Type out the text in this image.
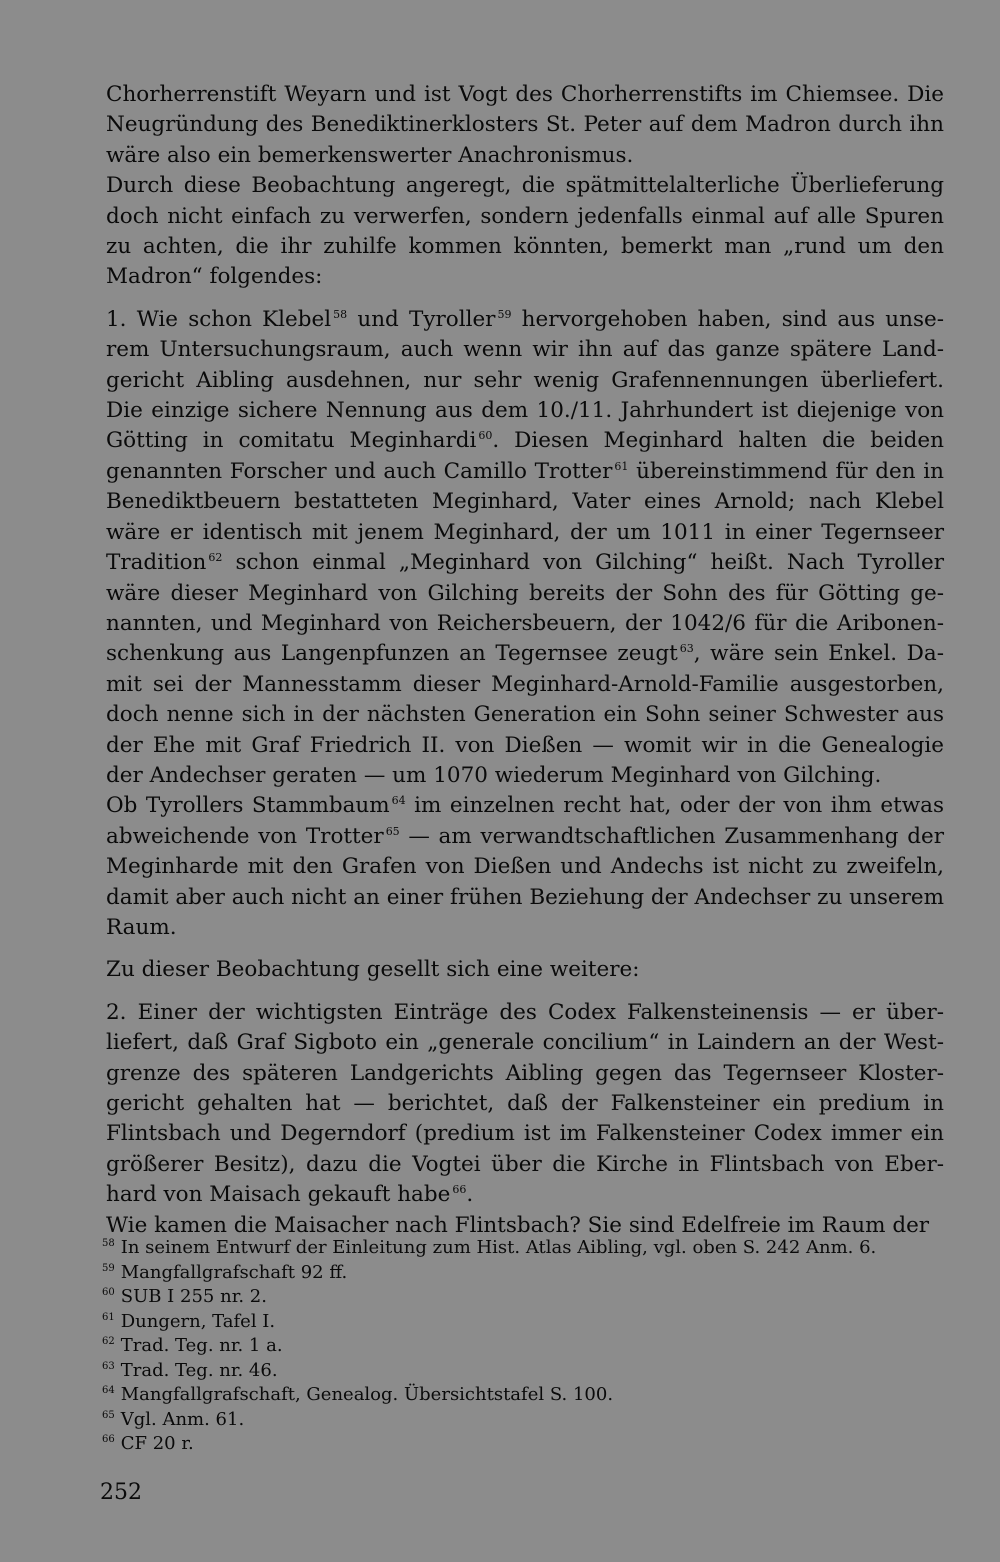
Chorherrenstift Weyarn und ist Vogt des Chorherrenstifts im Chiemsee. Die Neugründung des Benediktinerklosters St. Peter auf dem Madron durch ihn wäre also ein bemerkenswerter Anachronismus.

Durch diese Beobachtung angeregt, die spätmittelalterliche Überlieferung doch nicht einfach zu verwerfen, sondern jedenfalls einmal auf alle Spuren zu achten, die ihr zuhilfe kommen könnten, bemerkt man „rund um den Madron“ folgendes:

1. Wie schon Klebel $^{58}$ und Tyroller $^{59}$ hervorgehoben haben, sind aus unserem Untersuchungsraum, auch wenn wir ihn auf das ganze spätere Landgericht Aibling ausdehnen, nur sehr wenig Grafennennungen überliefert. Die einzige sichere Nennung aus dem 10./11. Jahrhundert ist diejenige von Götting in comitatu Meginhardi $^{60}$. Diesen Meginhard halten die beiden genannten Forscher und auch Camillo Trotter $^{61}$ übereinstimmend für den in Benediktbeuern bestatteten Meginhard, Vater eines Arnold; nach Klebel wäre er identisch mit jenem Meginhard, der um 1011 in einer Tegernseer Tradition $^{62}$ schon einmal „Meginhard von Gilching“ heißt. Nach Tyroller wäre dieser Meginhard von Gilching bereits der Sohn des für Götting genannten, und Meginhard von Reichersbeuern, der 1042/6 für die Aribonenschenkung aus Langenpfunzen an Tegernsee zeugt $^{63}$, wäre sein Enkel. Damit sei der Mannesstamm dieser Meginhard-Arnold-Familie ausgestorben, doch nenne sich in der nächsten Generation ein Sohn seiner Schwester aus der Ehe mit Graf Friedrich II. von Dießen — womit wir in die Genealogie der Andechser geraten — um 1070 wiederum Meginhard von Gilching.

Ob Tyrollers Stammbaum $^{64}$ im einzelnen recht hat, oder der von ihm etwas abweichende von Trotter $^{65}$ — am verwandtschaftlichen Zusammenhang der Meginharde mit den Grafen von Dießen und Andechs ist nicht zu zweifeln, damit aber auch nicht an einer frühen Beziehung der Andechser zu unserem Raum.

Zu dieser Beobachtung gesellt sich eine weitere:

2. Einer der wichtigsten Einträge des Codex Falkensteinensis — er überliefert, daß Graf Sigboto ein „generale concilium“ in Laindern an der Westgrenze des späteren Landgerichts Aibling gegen das Tegernseer Klostergericht gehalten hat — berichtet, daß der Falkensteiner ein predium in Flintsbach und Degerndorf (predium ist im Falkensteiner Codex immer ein größerer Besitz), dazu die Vogtei über die Kirche in Flintsbach von Eberhard von Maisach gekauft habe $^{66}$.

Wie kamen die Maisacher nach Flintsbach? Sie sind Edelfreie im Raum der

$^{58}$ In seinem Entwurf der Einleitung zum Hist. Atlas Aibling, vgl. oben S. 242 Anm. 6.

$^{59}$ Mangfallgrafschaft 92 ff.

$^{60}$ SUB I 255 nr. 2.

$^{61}$ Dungern, Tafel I.

$^{62}$ Trad. Teg. nr. 1 a.

$^{63}$ Trad. Teg. nr. 46.

$^{64}$ Mangfallgrafschaft, Genealog. Übersichtstafel S. 100.

$^{65}$ Vgl. Anm. 61.

$^{66}$ CF 20 r.

252
